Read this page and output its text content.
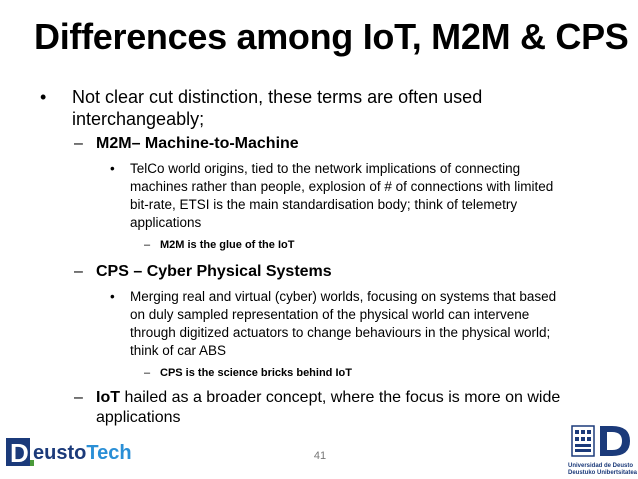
Differences among IoT, M2M & CPS
• Not clear cut distinction, these terms are often used
interchangeably;
– M2M– Machine-to-Machine
• TelCo world origins, tied to the network implications of connecting
machines rather than people, explosion of # of connections with limited
bit-rate, ETSI is the main standardisation body; think of telemetry
applications
– M2M is the glue of the IoT
– CPS – Cyber Physical Systems
• Merging real and virtual (cyber) worlds, focusing on systems that based
on duly sampled representation of the physical world can intervene
through digitized actuators to change behaviours in the physical world;
think of car ABS
– CPS is the science bricks behind IoT
– IoT hailed as a broader concept, where the focus is more on wide
applications
41
D eustoTech
Universidad de Deusto
Deustuko Unibertsitatea
